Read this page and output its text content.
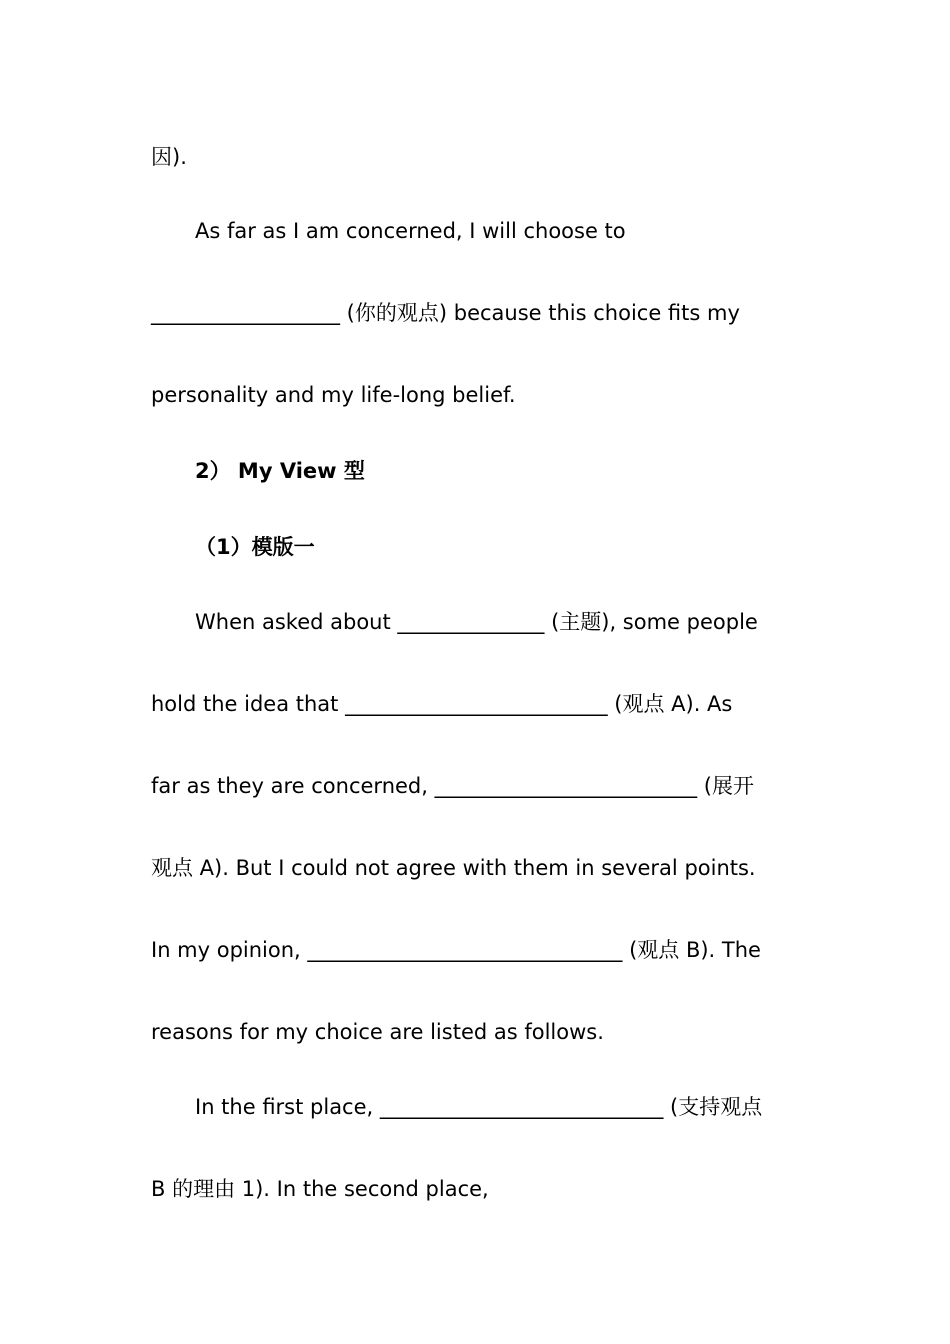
因).
As far as I am concerned, I will choose to
__________________ (你的观点) because this choice fits my
personality and my life-long belief.
2） My View 型
（1）模版一
When asked about ______________ (主题), some people
hold the idea that _________________________ (观点 A). As
far as they are concerned, _________________________ (展开
观点 A). But I could not agree with them in several points.
In my opinion, ______________________________ (观点 B). The
reasons for my choice are listed as follows.
In the first place, ___________________________ (支持观点
B 的理由 1). In the second place,
